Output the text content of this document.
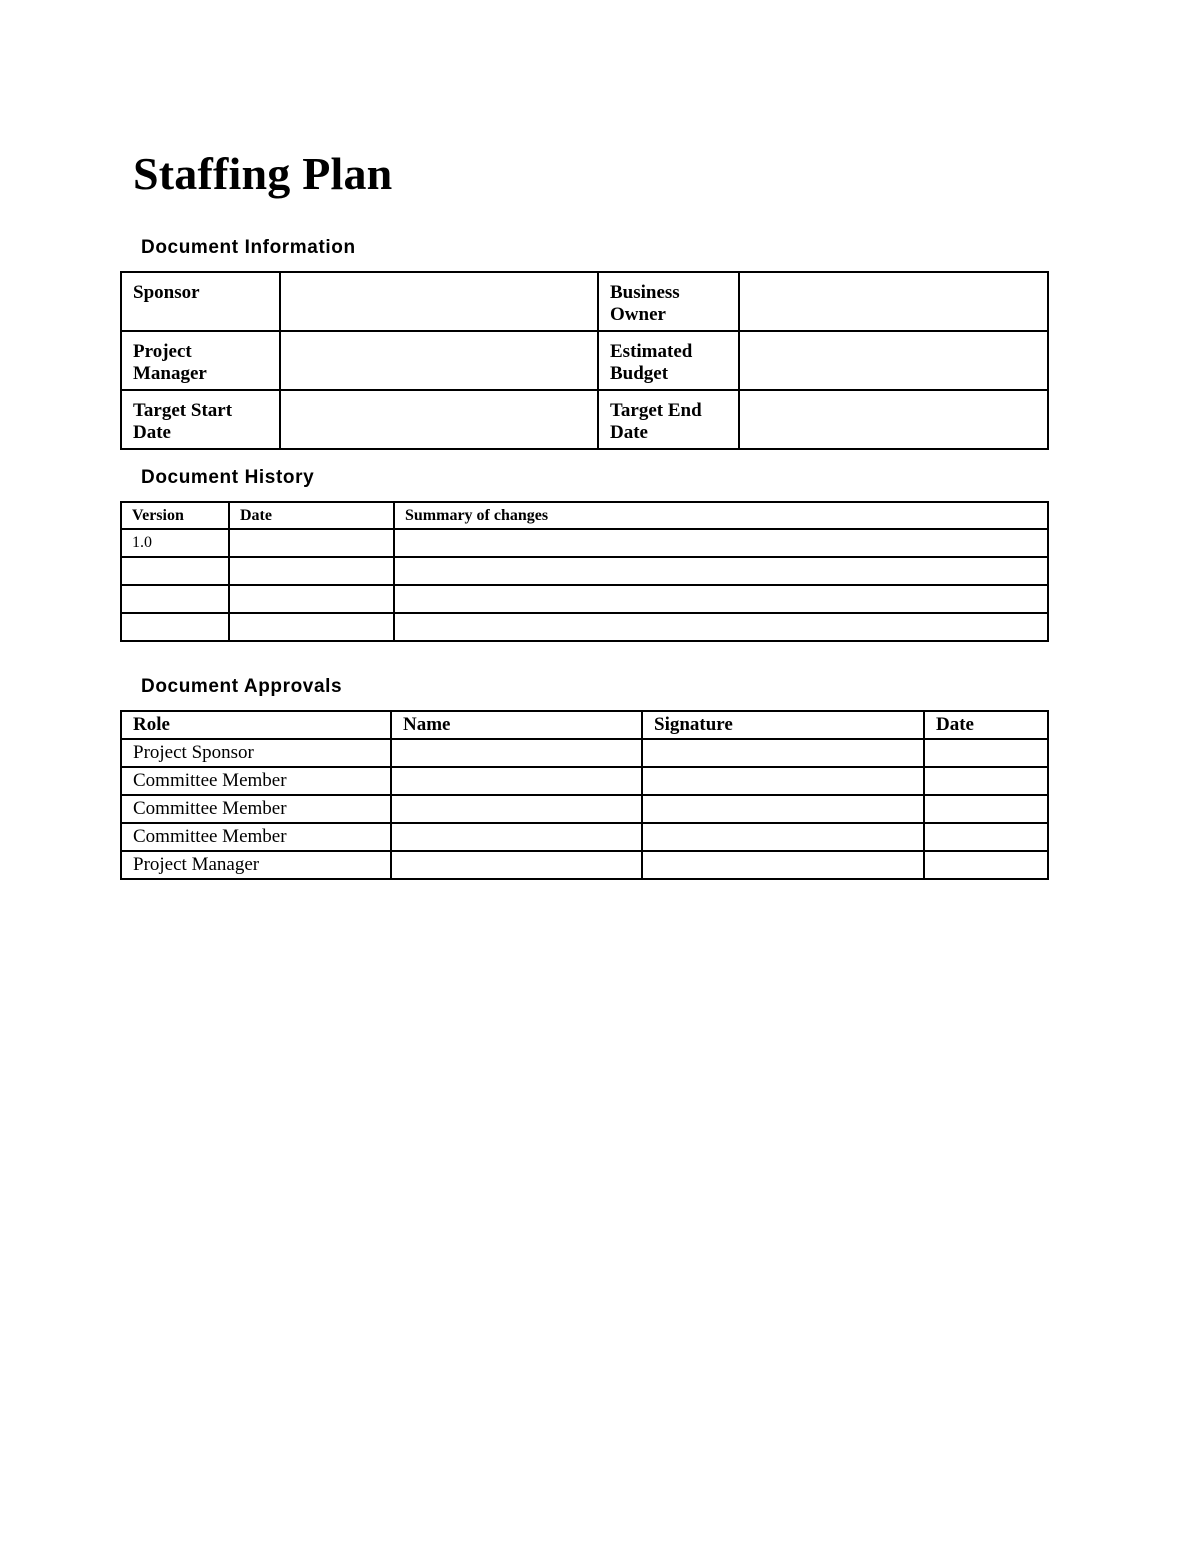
Staffing Plan
Document Information
Sponsor		Business Owner	
Project Manager		Estimated Budget	
Target Start Date		Target End Date	
Document History
Version	Date	Summary of changes
1.0		

Document Approvals
Role	Name	Signature	Date
Project Sponsor			
Committee Member			
Committee Member			
Committee Member			
Project Manager			
